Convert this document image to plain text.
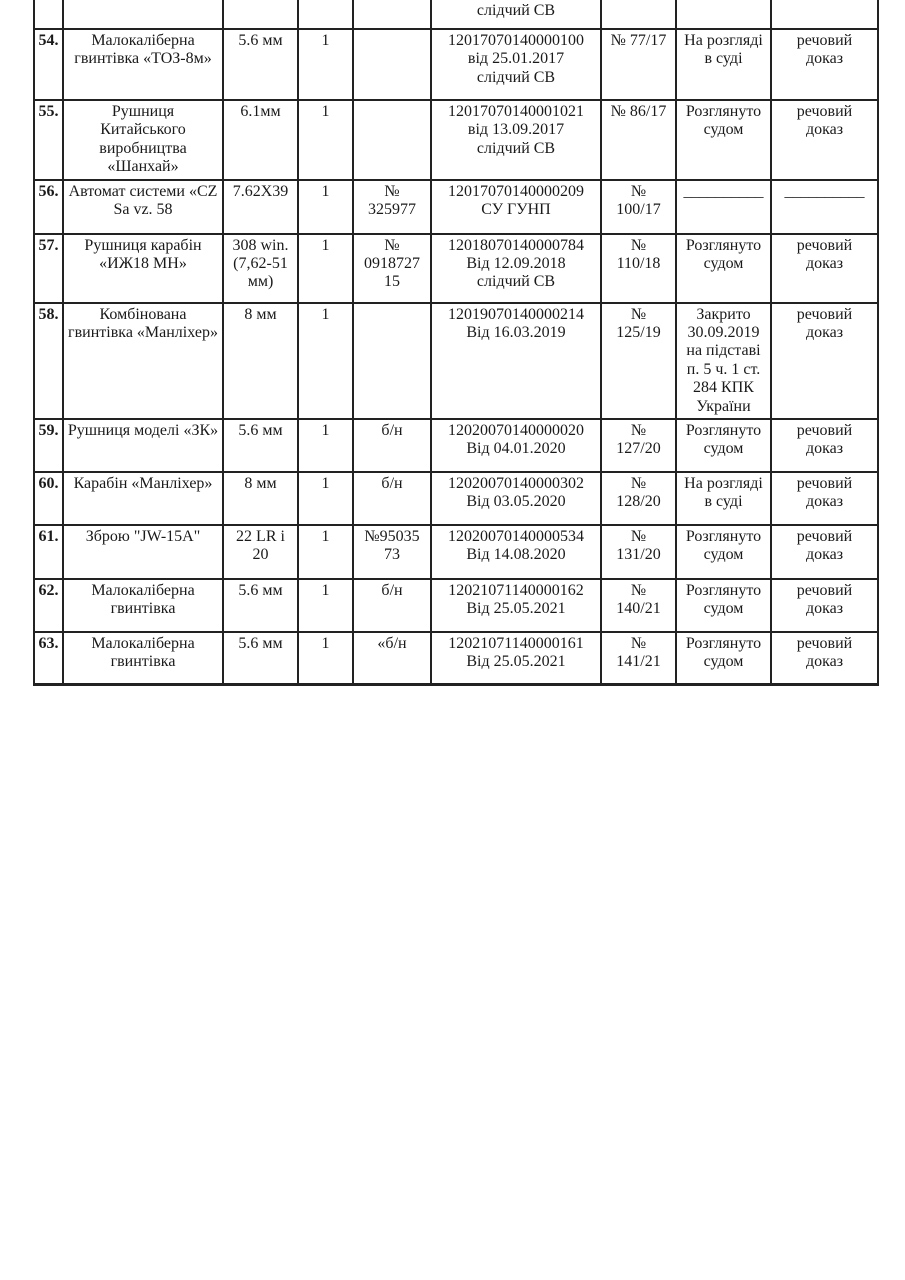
					слідчий СВ			
54.	Малокаліберна
гвинтівка «ТОЗ-8м»	5.6 мм	1		12017070140000100
від 25.01.2017
слідчий СВ	№ 77/17	На розгляді
в суді	речовий
доказ
55.	Рушниця
Китайського
виробництва
«Шанхай»	6.1мм	1		12017070140001021
від 13.09.2017
слідчий СВ	№ 86/17	Розглянуто
судом	речовий
доказ
56.	Автомат системи «CZ
Sa vz. 58	7.62Х39	1	№
325977	12017070140000209
СУ ГУНП	№
100/17	__________	__________
57.	Рушниця карабін
«ИЖ18 МН»	308 win.
(7,62-51
мм)	1	№
0918727
15	12018070140000784
Від 12.09.2018
слідчий СВ	№
110/18	Розглянуто
судом	речовий
доказ
58.	Комбінована
гвинтівка «Манліхер»	8 мм	1		12019070140000214
Від 16.03.2019	№
125/19	Закрито
30.09.2019
на підставі
п. 5 ч. 1 ст.
284 КПК
України	речовий
доказ
59.	Рушниця моделі «ЗК»	5.6 мм	1	б/н	12020070140000020
Від 04.01.2020	№
127/20	Розглянуто
судом	речовий
доказ
60.	Карабін «Манліхер»	8 мм	1	б/н	12020070140000302
Від 03.05.2020	№
128/20	На розгляді
в суді	речовий
доказ
61.	Зброю "JW-15A"	22 LR і
20	1	№95035
73	12020070140000534
Від 14.08.2020	№
131/20	Розглянуто
судом	речовий
доказ
62.	Малокаліберна
гвинтівка	5.6 мм	1	б/н	12021071140000162
Від 25.05.2021	№
140/21	Розглянуто
судом	речовий
доказ
63.	Малокаліберна
гвинтівка	5.6 мм	1	«б/н	12021071140000161
Від 25.05.2021	№
141/21	Розглянуто
судом	речовий
доказ
